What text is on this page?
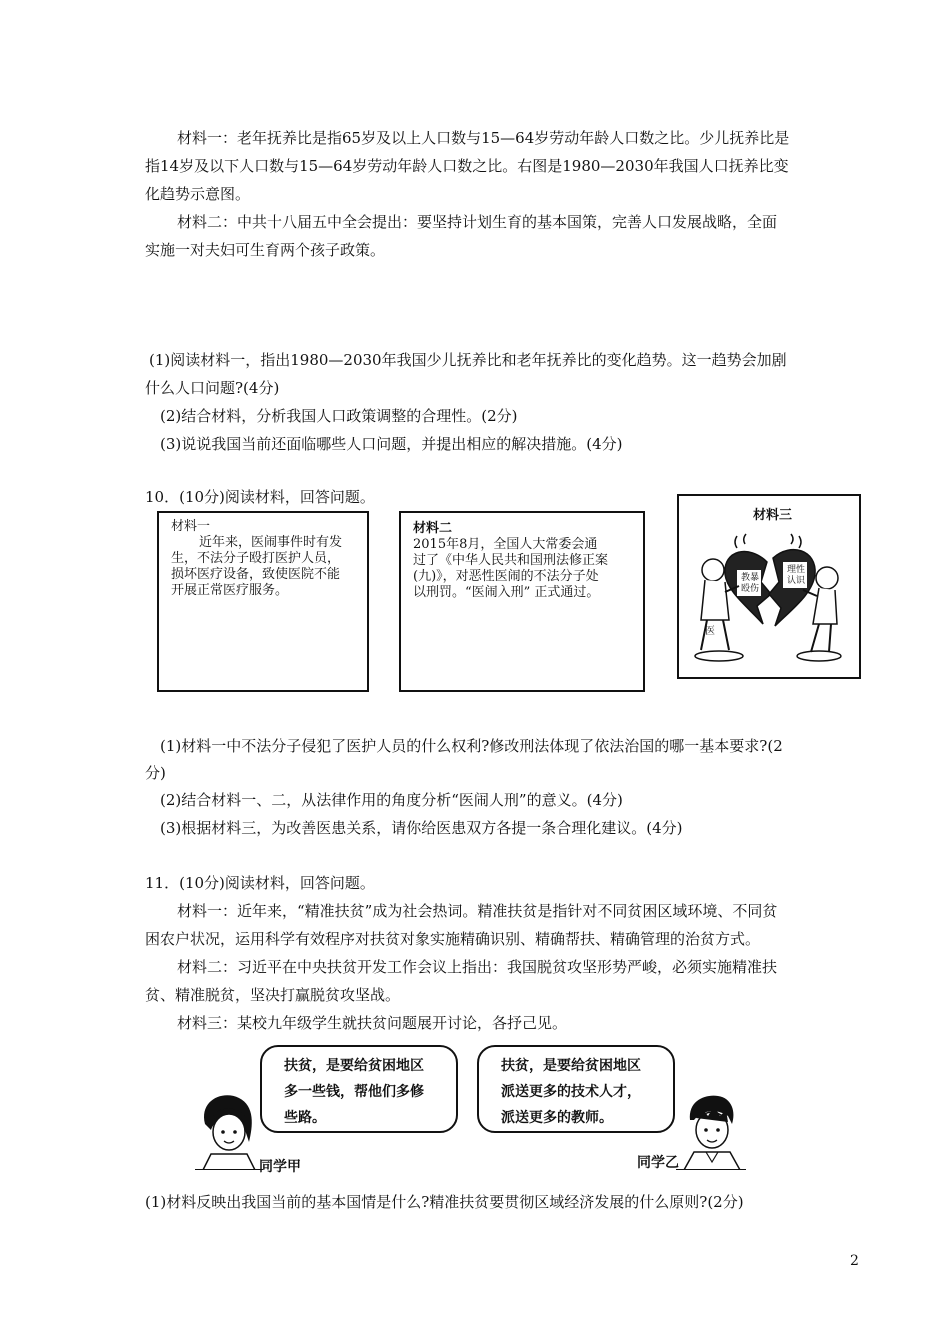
材料一：老年抚养比是指65岁及以上人口数与15—64岁劳动年龄人口数之比。少儿抚养比是
指14岁及以下人口数与15—64岁劳动年龄人口数之比。右图是1980—2030年我国人口抚养比变
化趋势示意图。
材料二：中共十八届五中全会提出：要坚持计划生育的基本国策，完善人口发展战略，全面
实施一对夫妇可生育两个孩子政策。
(1)阅读材料一，指出1980—2030年我国少儿抚养比和老年抚养比的变化趋势。这一趋势会加剧
什么人口问题?(4分)
(2)结合材料，分析我国人口政策调整的合理性。(2分)
(3)说说我国当前还面临哪些人口问题，并提出相应的解决措施。(4分)
10．(10分)阅读材料，回答问题。
材料一
近年来，医闹事件时有发
生，不法分子殴打医护人员，
损坏医疗设备，致使医院不能
开展正常医疗服务。
材料二
2015年8月，全国人大常委会通
过了《中华人民共和国刑法修正案
(九)》，对恶性医闹的不法分子处
以刑罚。“医闹入刑” 正式通过。
材料三
教暴 殴伤
理性 认识
医
(1)材料一中不法分子侵犯了医护人员的什么权利?修改刑法体现了依法治国的哪一基本要求?(2
分)
(2)结合材料一、二，从法律作用的角度分析“医闹人刑”的意义。(4分)
(3)根据材料三，为改善医患关系，请你给医患双方各提一条合理化建议。(4分)
11．(10分)阅读材料，回答问题。
材料一：近年来，“精准扶贫”成为社会热词。精准扶贫是指针对不同贫困区域环境、不同贫
困农户状况，运用科学有效程序对扶贫对象实施精确识别、精确帮扶、精确管理的治贫方式。
材料二：习近平在中央扶贫开发工作会议上指出：我国脱贫攻坚形势严峻，必须实施精准扶
贫、精准脱贫，坚决打赢脱贫攻坚战。
材料三：某校九年级学生就扶贫问题展开讨论，各抒己见。
扶贫，是要给贫困地区
多一些钱，帮他们多修
些路。
扶贫，是要给贫困地区
派送更多的技术人才，
派送更多的教师。
同学甲	同学乙
(1)材料反映出我国当前的基本国情是什么?精准扶贫要贯彻区域经济发展的什么原则?(2分)
2
